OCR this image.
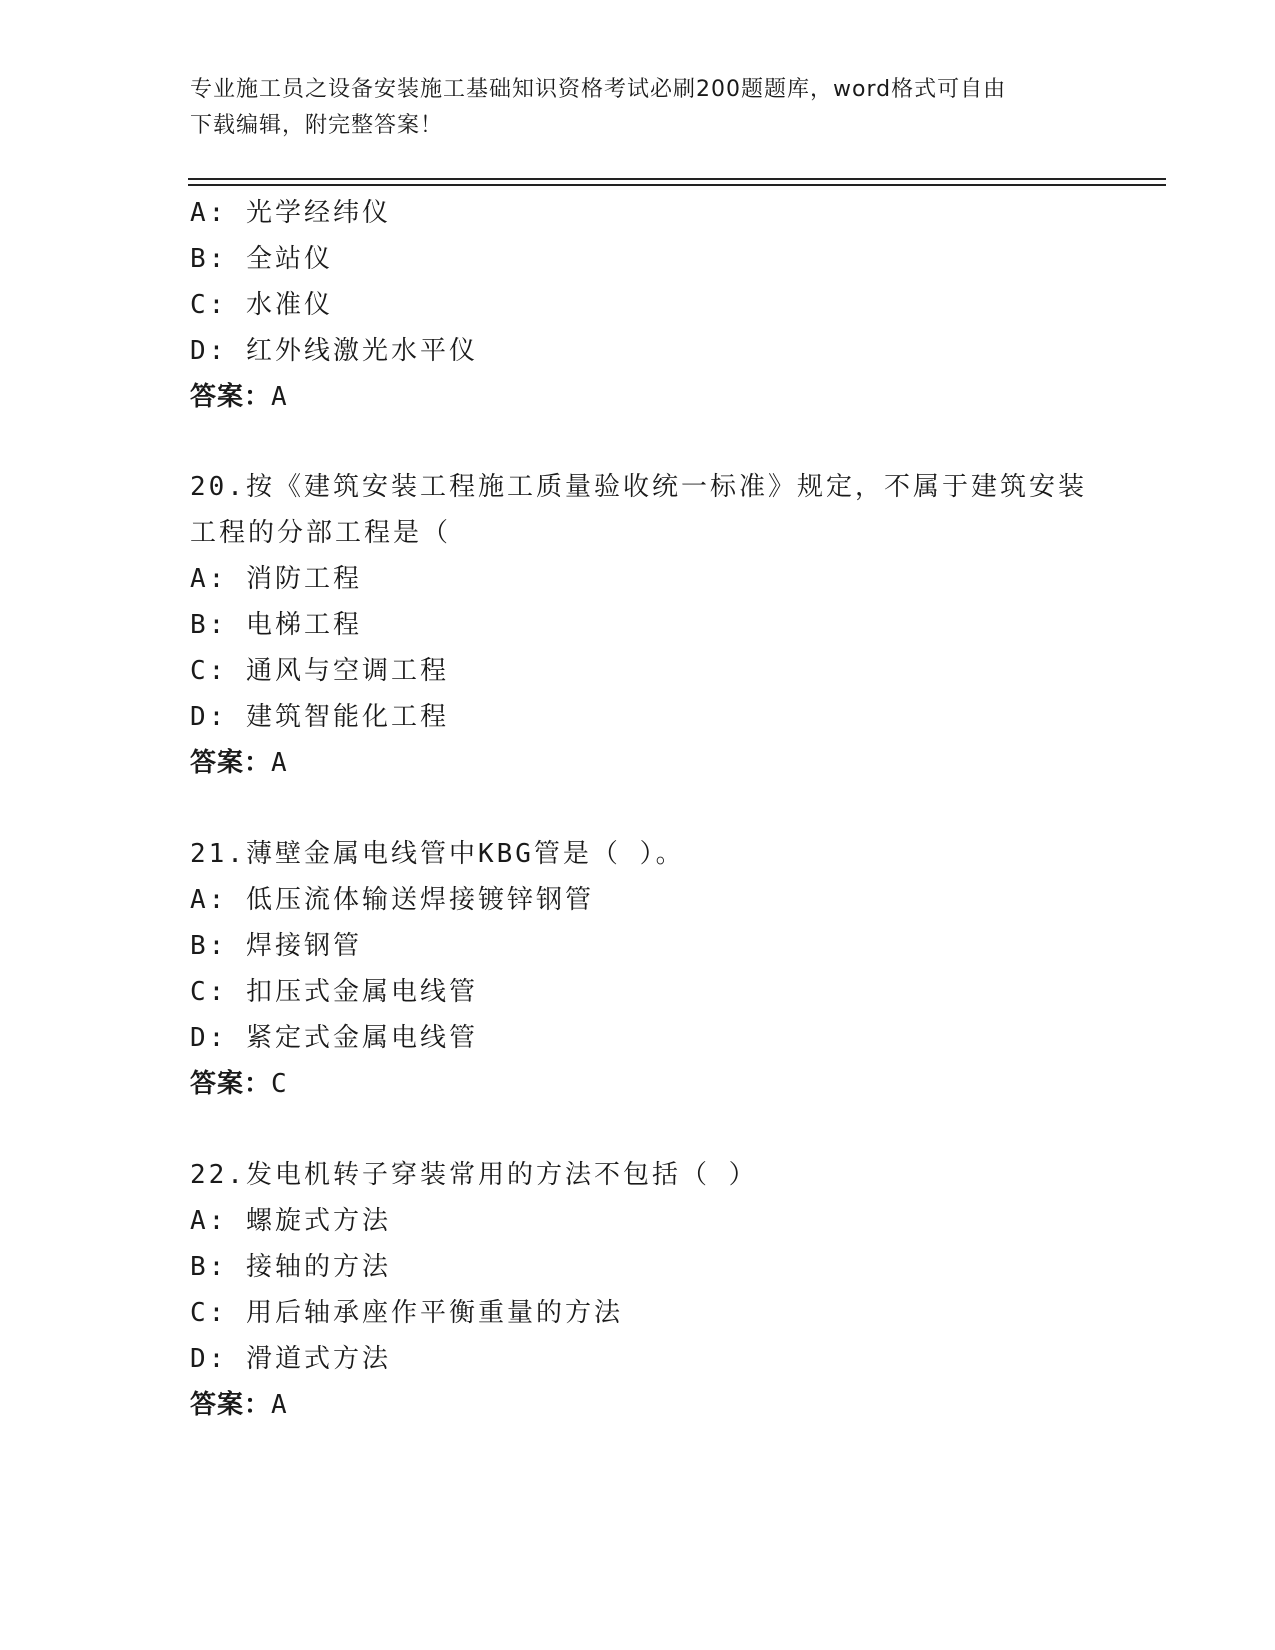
专业施工员之设备安装施工基础知识资格考试必刷200题题库，word格式可自由
下载编辑，附完整答案！
A: 光学经纬仪
B: 全站仪
C: 水准仪
D: 红外线激光水平仪
答案：A
20.按《建筑安装工程施工质量验收统一标准》规定，不属于建筑安装
工程的分部工程是（
A: 消防工程
B: 电梯工程
C: 通风与空调工程
D: 建筑智能化工程
答案：A
21.薄壁金属电线管中KBG管是（ ）。
A: 低压流体输送焊接镀锌钢管
B: 焊接钢管
C: 扣压式金属电线管
D: 紧定式金属电线管
答案：C
22.发电机转子穿装常用的方法不包括（ ）
A: 螺旋式方法
B: 接轴的方法
C: 用后轴承座作平衡重量的方法
D: 滑道式方法
答案：A
